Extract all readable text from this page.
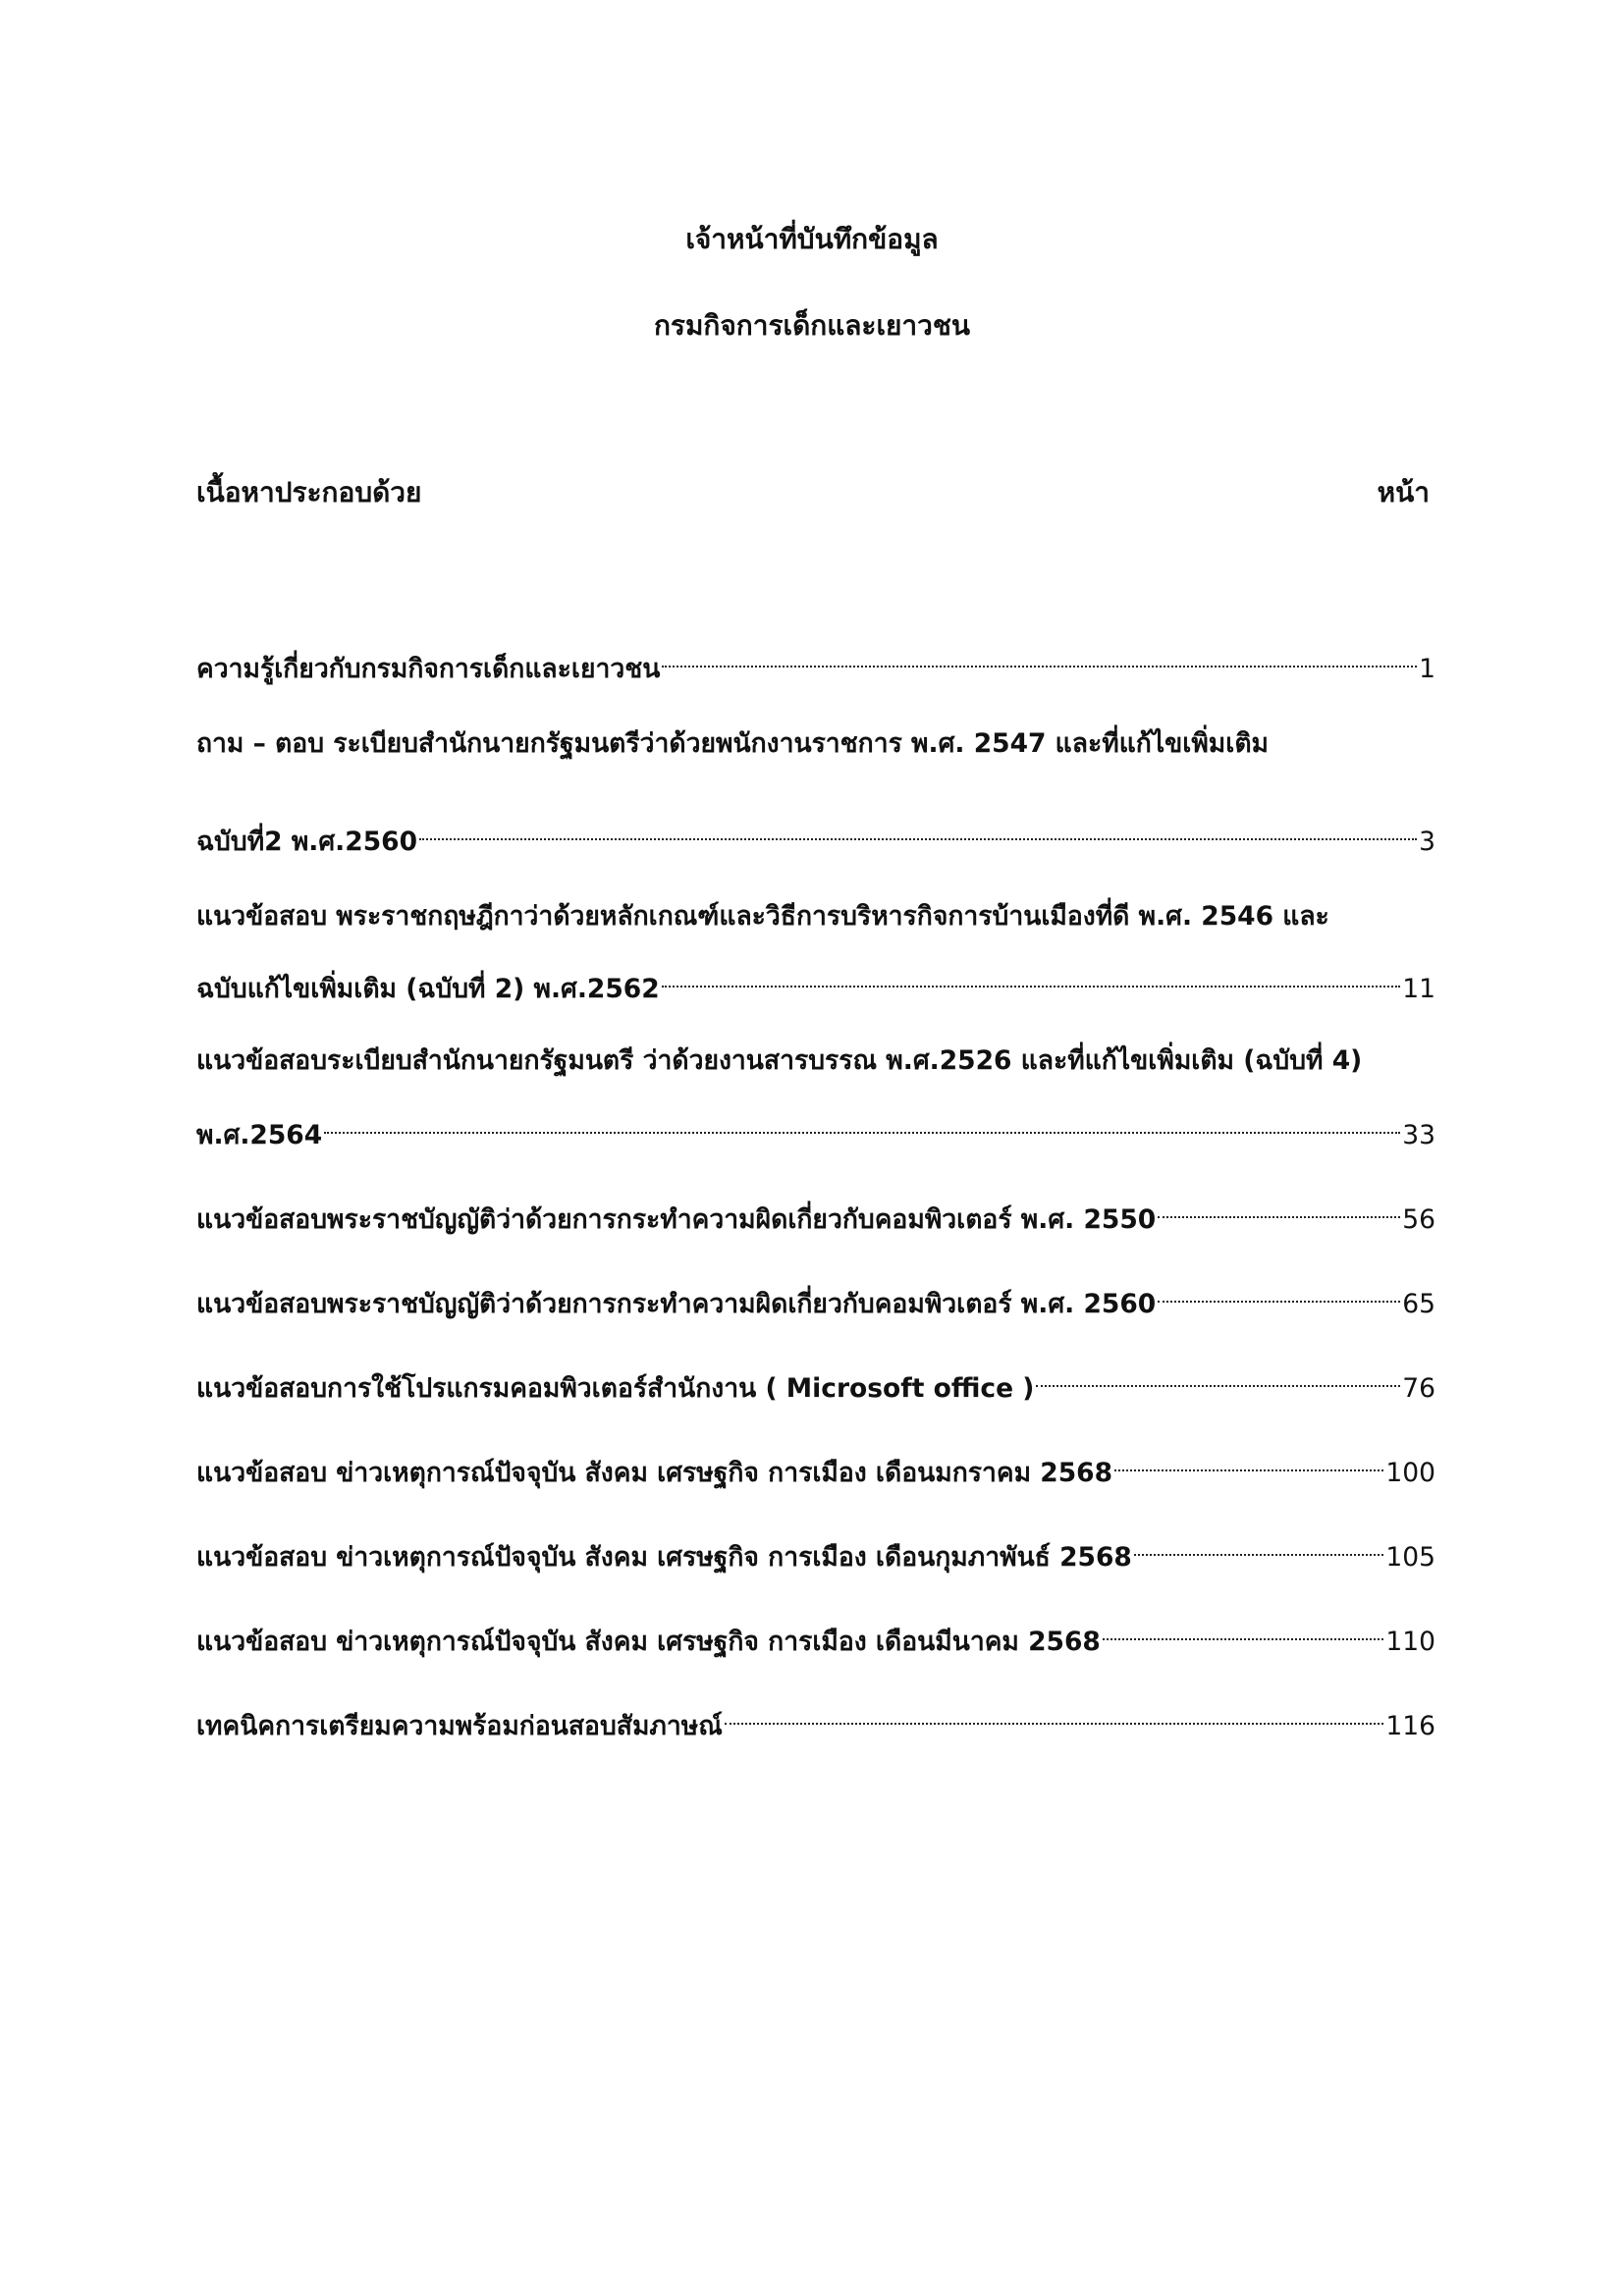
เจ้าหน้าที่บันทึกข้อมูล
กรมกิจการเด็กและเยาวชน
เนื้อหาประกอบด้วย	หน้า
ความรู้เกี่ยวกับกรมกิจการเด็กและเยาวชน	1
ถาม – ตอบ ระเบียบสำนักนายกรัฐมนตรีว่าด้วยพนักงานราชการ พ.ศ. 2547 และที่แก้ไขเพิ่มเติม
ฉบับที่2 พ.ศ.2560	3
แนวข้อสอบ พระราชกฤษฎีกาว่าด้วยหลักเกณฑ์และวิธีการบริหารกิจการบ้านเมืองที่ดี พ.ศ. 2546 และ
ฉบับแก้ไขเพิ่มเติม (ฉบับที่ 2) พ.ศ.2562	11
แนวข้อสอบระเบียบสำนักนายกรัฐมนตรี ว่าด้วยงานสารบรรณ พ.ศ.2526 และที่แก้ไขเพิ่มเติม (ฉบับที่ 4)
พ.ศ.2564	33
แนวข้อสอบพระราชบัญญัติว่าด้วยการกระทำความผิดเกี่ยวกับคอมพิวเตอร์ พ.ศ. 2550	56
แนวข้อสอบพระราชบัญญัติว่าด้วยการกระทำความผิดเกี่ยวกับคอมพิวเตอร์ พ.ศ. 2560	65
แนวข้อสอบการใช้โปรแกรมคอมพิวเตอร์สำนักงาน ( Microsoft office )	76
แนวข้อสอบ ข่าวเหตุการณ์ปัจจุบัน สังคม เศรษฐกิจ การเมือง เดือนมกราคม 2568	100
แนวข้อสอบ ข่าวเหตุการณ์ปัจจุบัน สังคม เศรษฐกิจ การเมือง เดือนกุมภาพันธ์ 2568	105
แนวข้อสอบ ข่าวเหตุการณ์ปัจจุบัน สังคม เศรษฐกิจ การเมือง เดือนมีนาคม 2568	110
เทคนิคการเตรียมความพร้อมก่อนสอบสัมภาษณ์	116
